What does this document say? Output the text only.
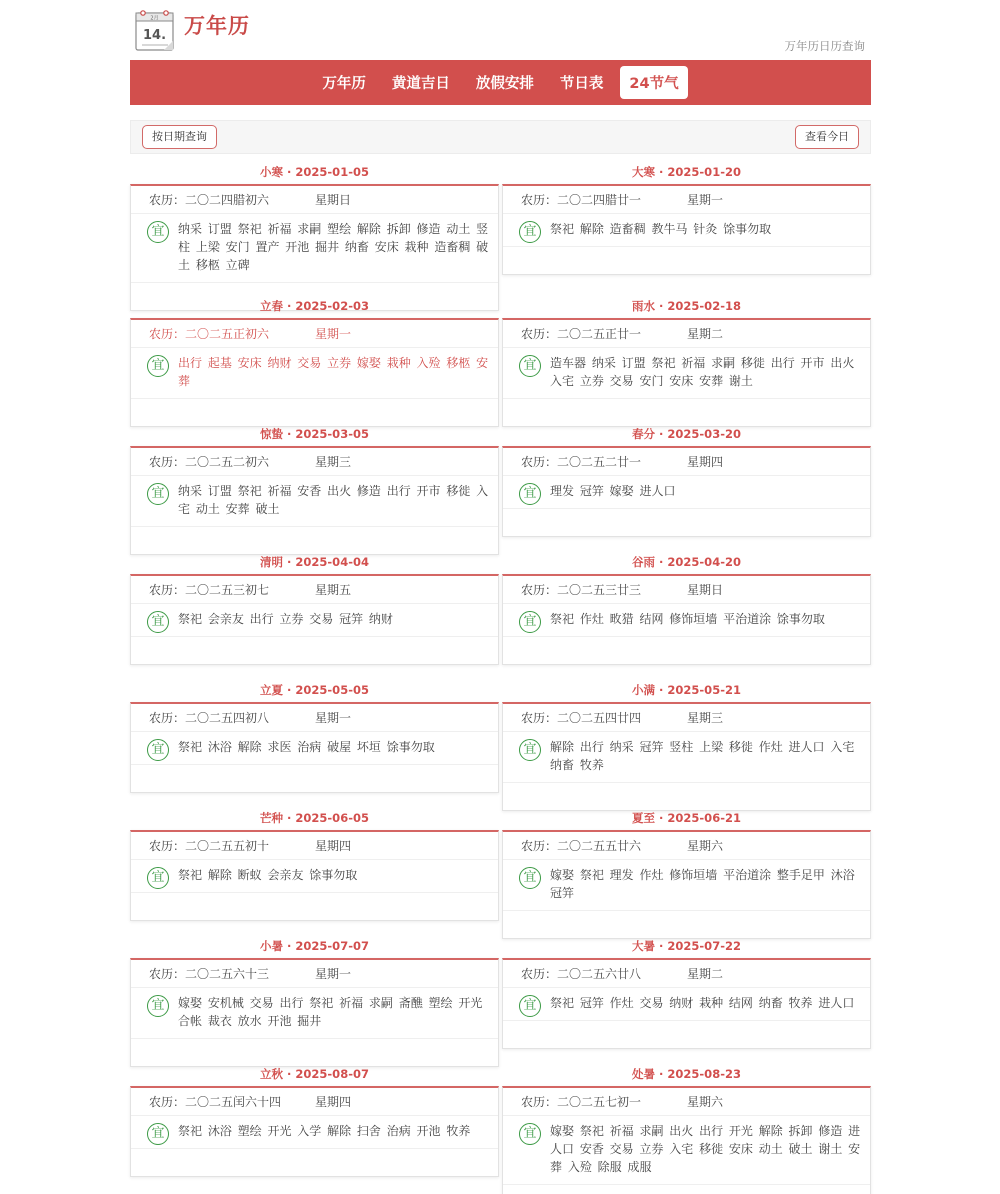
2月
14. 万年历
万年历日历查询
万年历	黄道吉日	放假安排	节日表	24节气
按日期查询	查看今日
小寒 · 2025-01-05
农历：二〇二四腊初六	星期日
宜	纳采 订盟 祭祀 祈福 求嗣 塑绘 解除 拆卸 修造 动土 竖柱 上梁 安门 置产 开池 掘井 纳畜 安床 栽种 造畜稠 破土 移柩 立碑
大寒 · 2025-01-20
农历：二〇二四腊廿一	星期一
宜	祭祀 解除 造畜稠 教牛马 针灸 馀事勿取
立春 · 2025-02-03
农历：二〇二五正初六	星期一
宜	出行 起基 安床 纳财 交易 立券 嫁娶 栽种 入殓 移柩 安葬
雨水 · 2025-02-18
农历：二〇二五正廿一	星期二
宜	造车器 纳采 订盟 祭祀 祈福 求嗣 移徙 出行 开市 出火 入宅 立券 交易 安门 安床 安葬 谢土
惊蛰 · 2025-03-05
农历：二〇二五二初六	星期三
宜	纳采 订盟 祭祀 祈福 安香 出火 修造 出行 开市 移徙 入宅 动土 安葬 破土
春分 · 2025-03-20
农历：二〇二五二廿一	星期四
宜	理发 冠笄 嫁娶 进人口
清明 · 2025-04-04
农历：二〇二五三初七	星期五
宜	祭祀 会亲友 出行 立券 交易 冠笄 纳财
谷雨 · 2025-04-20
农历：二〇二五三廿三	星期日
宜	祭祀 作灶 畋猎 结网 修饰垣墙 平治道涂 馀事勿取
立夏 · 2025-05-05
农历：二〇二五四初八	星期一
宜	祭祀 沐浴 解除 求医 治病 破屋 坏垣 馀事勿取
小满 · 2025-05-21
农历：二〇二五四廿四	星期三
宜	解除 出行 纳采 冠笄 竖柱 上梁 移徙 作灶 进人口 入宅 纳畜 牧养
芒种 · 2025-06-05
农历：二〇二五五初十	星期四
宜	祭祀 解除 断蚁 会亲友 馀事勿取
夏至 · 2025-06-21
农历：二〇二五五廿六	星期六
宜	嫁娶 祭祀 理发 作灶 修饰垣墙 平治道涂 整手足甲 沐浴 冠笄
小暑 · 2025-07-07
农历：二〇二五六十三	星期一
宜	嫁娶 安机械 交易 出行 祭祀 祈福 求嗣 斋醮 塑绘 开光 合帐 裁衣 放水 开池 掘井
大暑 · 2025-07-22
农历：二〇二五六廿八	星期二
宜	祭祀 冠笄 作灶 交易 纳财 栽种 结网 纳畜 牧养 进人口
立秋 · 2025-08-07
农历：二〇二五闰六十四	星期四
宜	祭祀 沐浴 塑绘 开光 入学 解除 扫舍 治病 开池 牧养
处暑 · 2025-08-23
农历：二〇二五七初一	星期六
宜	嫁娶 祭祀 祈福 求嗣 出火 出行 开光 解除 拆卸 修造 进人口 安香 交易 立券 入宅 移徙 安床 动土 破土 谢土 安葬 入殓 除服 成服
